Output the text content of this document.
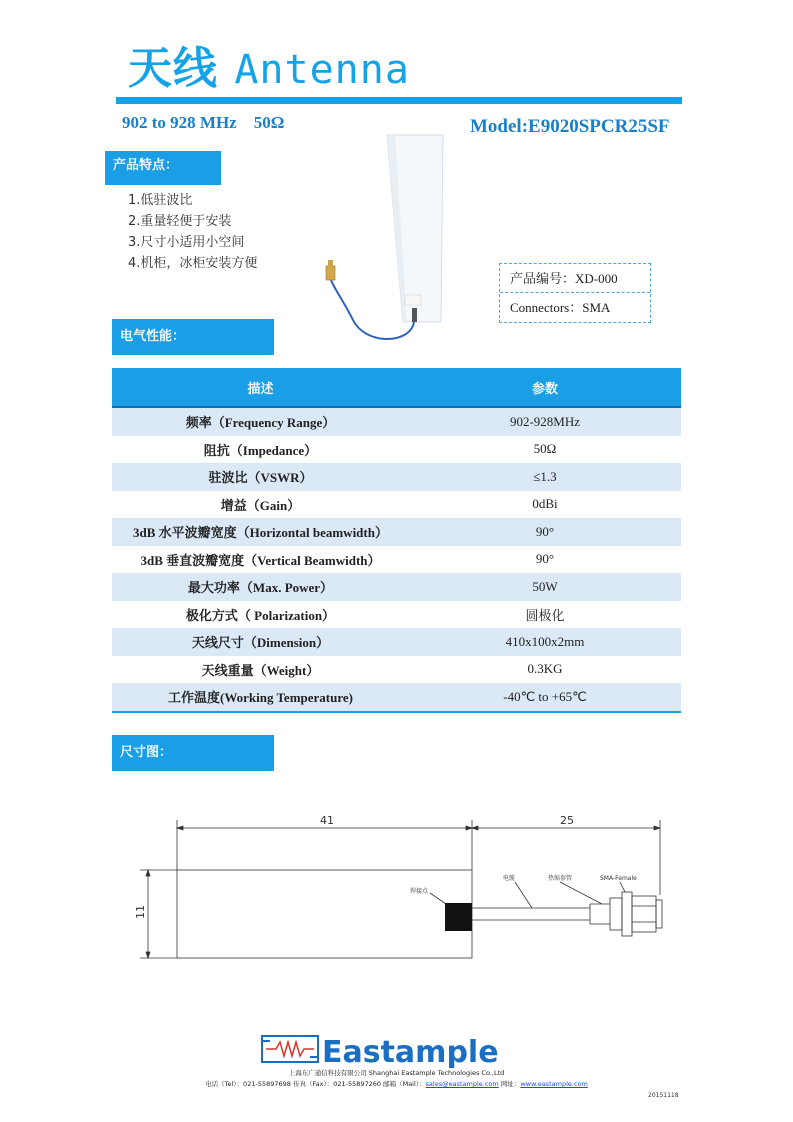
天线 Antenna
902 to 928 MHz 50Ω	Model:E9020SPCR25SF
产品特点：
1.低驻波比
2.重量轻便于安装
3.尺寸小适用小空间
4.机柜，冰柜安装方便
产品编号：XD-000
Connectors：SMA
电气性能：
描述	参数
频率（Frequency Range）	902-928MHz
阻抗（Impedance）	50Ω
驻波比（VSWR）	≤1.3
增益（Gain）	0dBi
3dB 水平波瓣宽度（Horizontal beamwidth）	90°
3dB 垂直波瓣宽度（Vertical Beamwidth）	90°
最大功率（Max. Power）	50W
极化方式（ Polarization）	圆极化
天线尺寸（Dimension）	410x100x2mm
天线重量（Weight）	0.3KG
工作温度(Working Temperature)	-40℃ to +65℃
尺寸图：
41	25
11
焊接点
电缆	热缩套管	SMA-Female
Eastample
上海东广通信科技有限公司 Shanghai Eastample Technologies Co.,Ltd
电话（Tel）：021-55897698 传真（Fax）：021-55897260 邮箱（Mail）：sales@eastample.com 网址：www.eastample.com
20151118
